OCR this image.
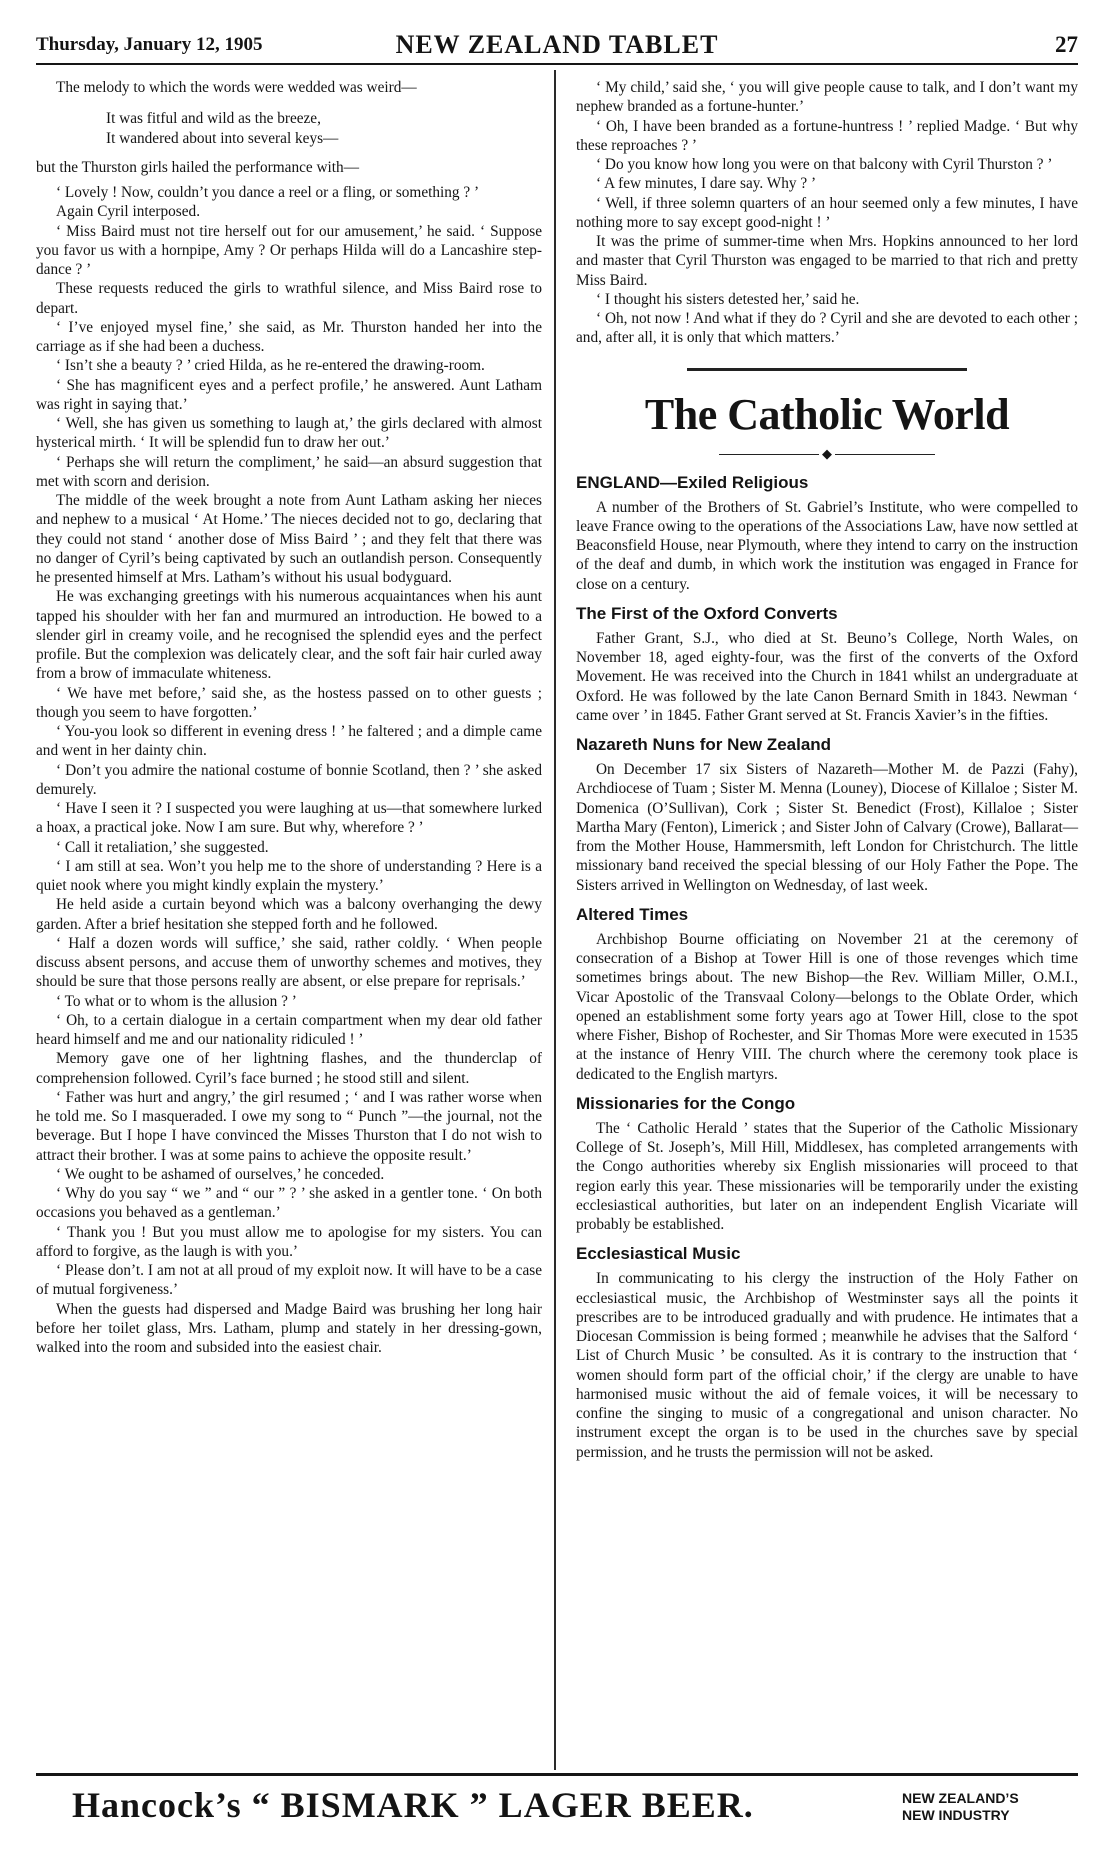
Thursday, January 12, 1905	NEW ZEALAND TABLET	27

The melody to which the words were wedded was weird—

It was fitful and wild as the breeze,
It wandered about into several keys—

but the Thurston girls hailed the performance with—

‘ Lovely ! Now, couldn’t you dance a reel or a fling, or something ? ’

Again Cyril interposed.

‘ Miss Baird must not tire herself out for our amusement,’ he said. ‘ Suppose you favor us with a hornpipe, Amy ? Or perhaps Hilda will do a Lancashire step-dance ? ’

These requests reduced the girls to wrathful silence, and Miss Baird rose to depart.

‘ I’ve enjoyed mysel fine,’ she said, as Mr. Thurston handed her into the carriage as if she had been a duchess.

‘ Isn’t she a beauty ? ’ cried Hilda, as he re-entered the drawing-room.

‘ She has magnificent eyes and a perfect profile,’ he answered. Aunt Latham was right in saying that.’

‘ Well, she has given us something to laugh at,’ the girls declared with almost hysterical mirth. ‘ It will be splendid fun to draw her out.’

‘ Perhaps she will return the compliment,’ he said—an absurd suggestion that met with scorn and derision.

The middle of the week brought a note from Aunt Latham asking her nieces and nephew to a musical ‘ At Home.’ The nieces decided not to go, declaring that they could not stand ‘ another dose of Miss Baird ’ ; and they felt that there was no danger of Cyril’s being captivated by such an outlandish person. Consequently he presented himself at Mrs. Latham’s without his usual bodyguard.

He was exchanging greetings with his numerous acquaintances when his aunt tapped his shoulder with her fan and murmured an introduction. He bowed to a slender girl in creamy voile, and he recognised the splendid eyes and the perfect profile. But the complexion was delicately clear, and the soft fair hair curled away from a brow of immaculate whiteness.

‘ We have met before,’ said she, as the hostess passed on to other guests ; though you seem to have forgotten.’

‘ You-you look so different in evening dress ! ’ he faltered ; and a dimple came and went in her dainty chin.

‘ Don’t you admire the national costume of bonnie Scotland, then ? ’ she asked demurely.

‘ Have I seen it ? I suspected you were laughing at us—that somewhere lurked a hoax, a practical joke. Now I am sure. But why, wherefore ? ’

‘ Call it retaliation,’ she suggested.

‘ I am still at sea. Won’t you help me to the shore of understanding ? Here is a quiet nook where you might kindly explain the mystery.’

He held aside a curtain beyond which was a balcony overhanging the dewy garden. After a brief hesitation she stepped forth and he followed.

‘ Half a dozen words will suffice,’ she said, rather coldly. ‘ When people discuss absent persons, and accuse them of unworthy schemes and motives, they should be sure that those persons really are absent, or else prepare for reprisals.’

‘ To what or to whom is the allusion ? ’

‘ Oh, to a certain dialogue in a certain compartment when my dear old father heard himself and me and our nationality ridiculed ! ’

Memory gave one of her lightning flashes, and the thunderclap of comprehension followed. Cyril’s face burned ; he stood still and silent.

‘ Father was hurt and angry,’ the girl resumed ; ‘ and I was rather worse when he told me. So I masqueraded. I owe my song to “ Punch ”—the journal, not the beverage. But I hope I have convinced the Misses Thurston that I do not wish to attract their brother. I was at some pains to achieve the opposite result.’

‘ We ought to be ashamed of ourselves,’ he conceded.

‘ Why do you say “ we ” and “ our ” ? ’ she asked in a gentler tone. ‘ On both occasions you behaved as a gentleman.’

‘ Thank you ! But you must allow me to apologise for my sisters. You can afford to forgive, as the laugh is with you.’

‘ Please don’t. I am not at all proud of my exploit now. It will have to be a case of mutual forgiveness.’

When the guests had dispersed and Madge Baird was brushing her long hair before her toilet glass, Mrs. Latham, plump and stately in her dressing-gown, walked into the room and subsided into the easiest chair.

‘ My child,’ said she, ‘ you will give people cause to talk, and I don’t want my nephew branded as a fortune-hunter.’

‘ Oh, I have been branded as a fortune-huntress ! ’ replied Madge. ‘ But why these reproaches ? ’

‘ Do you know how long you were on that balcony with Cyril Thurston ? ’

‘ A few minutes, I dare say. Why ? ’

‘ Well, if three solemn quarters of an hour seemed only a few minutes, I have nothing more to say except good-night ! ’

It was the prime of summer-time when Mrs. Hopkins announced to her lord and master that Cyril Thurston was engaged to be married to that rich and pretty Miss Baird.

‘ I thought his sisters detested her,’ said he.

‘ Oh, not now ! And what if they do ? Cyril and she are devoted to each other ; and, after all, it is only that which matters.’

The Catholic World
◆
ENGLAND—Exiled Religious

A number of the Brothers of St. Gabriel’s Institute, who were compelled to leave France owing to the operations of the Associations Law, have now settled at Beaconsfield House, near Plymouth, where they intend to carry on the instruction of the deaf and dumb, in which work the institution was engaged in France for close on a century.

The First of the Oxford Converts

Father Grant, S.J., who died at St. Beuno’s College, North Wales, on November 18, aged eighty-four, was the first of the converts of the Oxford Movement. He was received into the Church in 1841 whilst an undergraduate at Oxford. He was followed by the late Canon Bernard Smith in 1843. Newman ‘ came over ’ in 1845. Father Grant served at St. Francis Xavier’s in the fifties.

Nazareth Nuns for New Zealand

On December 17 six Sisters of Nazareth—Mother M. de Pazzi (Fahy), Archdiocese of Tuam ; Sister M. Menna (Louney), Diocese of Killaloe ; Sister M. Domenica (O’Sullivan), Cork ; Sister St. Benedict (Frost), Killaloe ; Sister Martha Mary (Fenton), Limerick ; and Sister John of Calvary (Crowe), Ballarat—from the Mother House, Hammersmith, left London for Christchurch. The little missionary band received the special blessing of our Holy Father the Pope. The Sisters arrived in Wellington on Wednesday, of last week.

Altered Times

Archbishop Bourne officiating on November 21 at the ceremony of consecration of a Bishop at Tower Hill is one of those revenges which time sometimes brings about. The new Bishop—the Rev. William Miller, O.M.I., Vicar Apostolic of the Transvaal Colony—belongs to the Oblate Order, which opened an establishment some forty years ago at Tower Hill, close to the spot where Fisher, Bishop of Rochester, and Sir Thomas More were executed in 1535 at the instance of Henry VIII. The church where the ceremony took place is dedicated to the English martyrs.

Missionaries for the Congo

The ‘ Catholic Herald ’ states that the Superior of the Catholic Missionary College of St. Joseph’s, Mill Hill, Middlesex, has completed arrangements with the Congo authorities whereby six English missionaries will proceed to that region early this year. These missionaries will be temporarily under the existing ecclesiastical authorities, but later on an independent English Vicariate will probably be established.

Ecclesiastical Music

In communicating to his clergy the instruction of the Holy Father on ecclesiastical music, the Archbishop of Westminster says all the points it prescribes are to be introduced gradually and with prudence. He intimates that a Diocesan Commission is being formed ; meanwhile he advises that the Salford ‘ List of Church Music ’ be consulted. As it is contrary to the instruction that ‘ women should form part of the official choir,’ if the clergy are unable to have harmonised music without the aid of female voices, it will be necessary to confine the singing to music of a congregational and unison character. No instrument except the organ is to be used in the churches save by special permission, and he trusts the permission will not be asked.

Hancock’s “ BISMARK ” LAGER BEER.	NEW ZEALAND’S
NEW INDUSTRY
